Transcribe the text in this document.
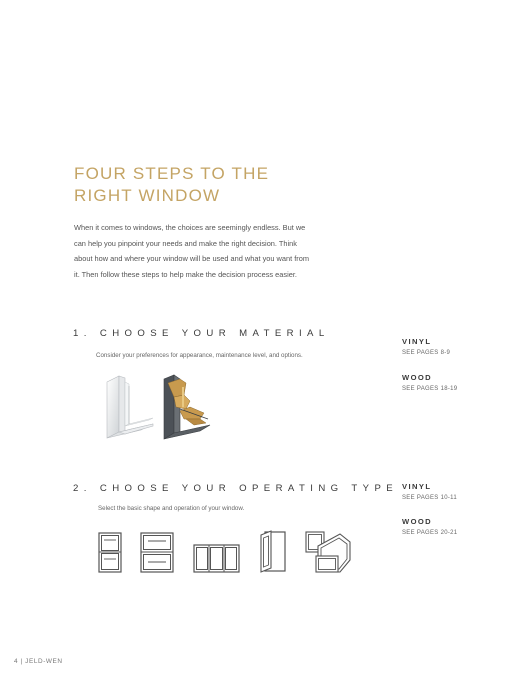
FOUR STEPS TO THE
RIGHT WINDOW

When it comes to windows, the choices are seemingly endless. But we can help you pinpoint your needs and make the right decision. Think about how and where your window will be used and what you want from it. Then follow these steps to help make the decision process easier.

1. CHOOSE YOUR MATERIAL
Consider your preferences for appearance, maintenance level, and options.
VINYL
SEE PAGES 8-9
WOOD
SEE PAGES 18-19
2. CHOOSE YOUR OPERATING TYPE
Select the basic shape and operation of your window.
VINYL
SEE PAGES 10-11
WOOD
SEE PAGES 20-21
4 | JELD-WEN
